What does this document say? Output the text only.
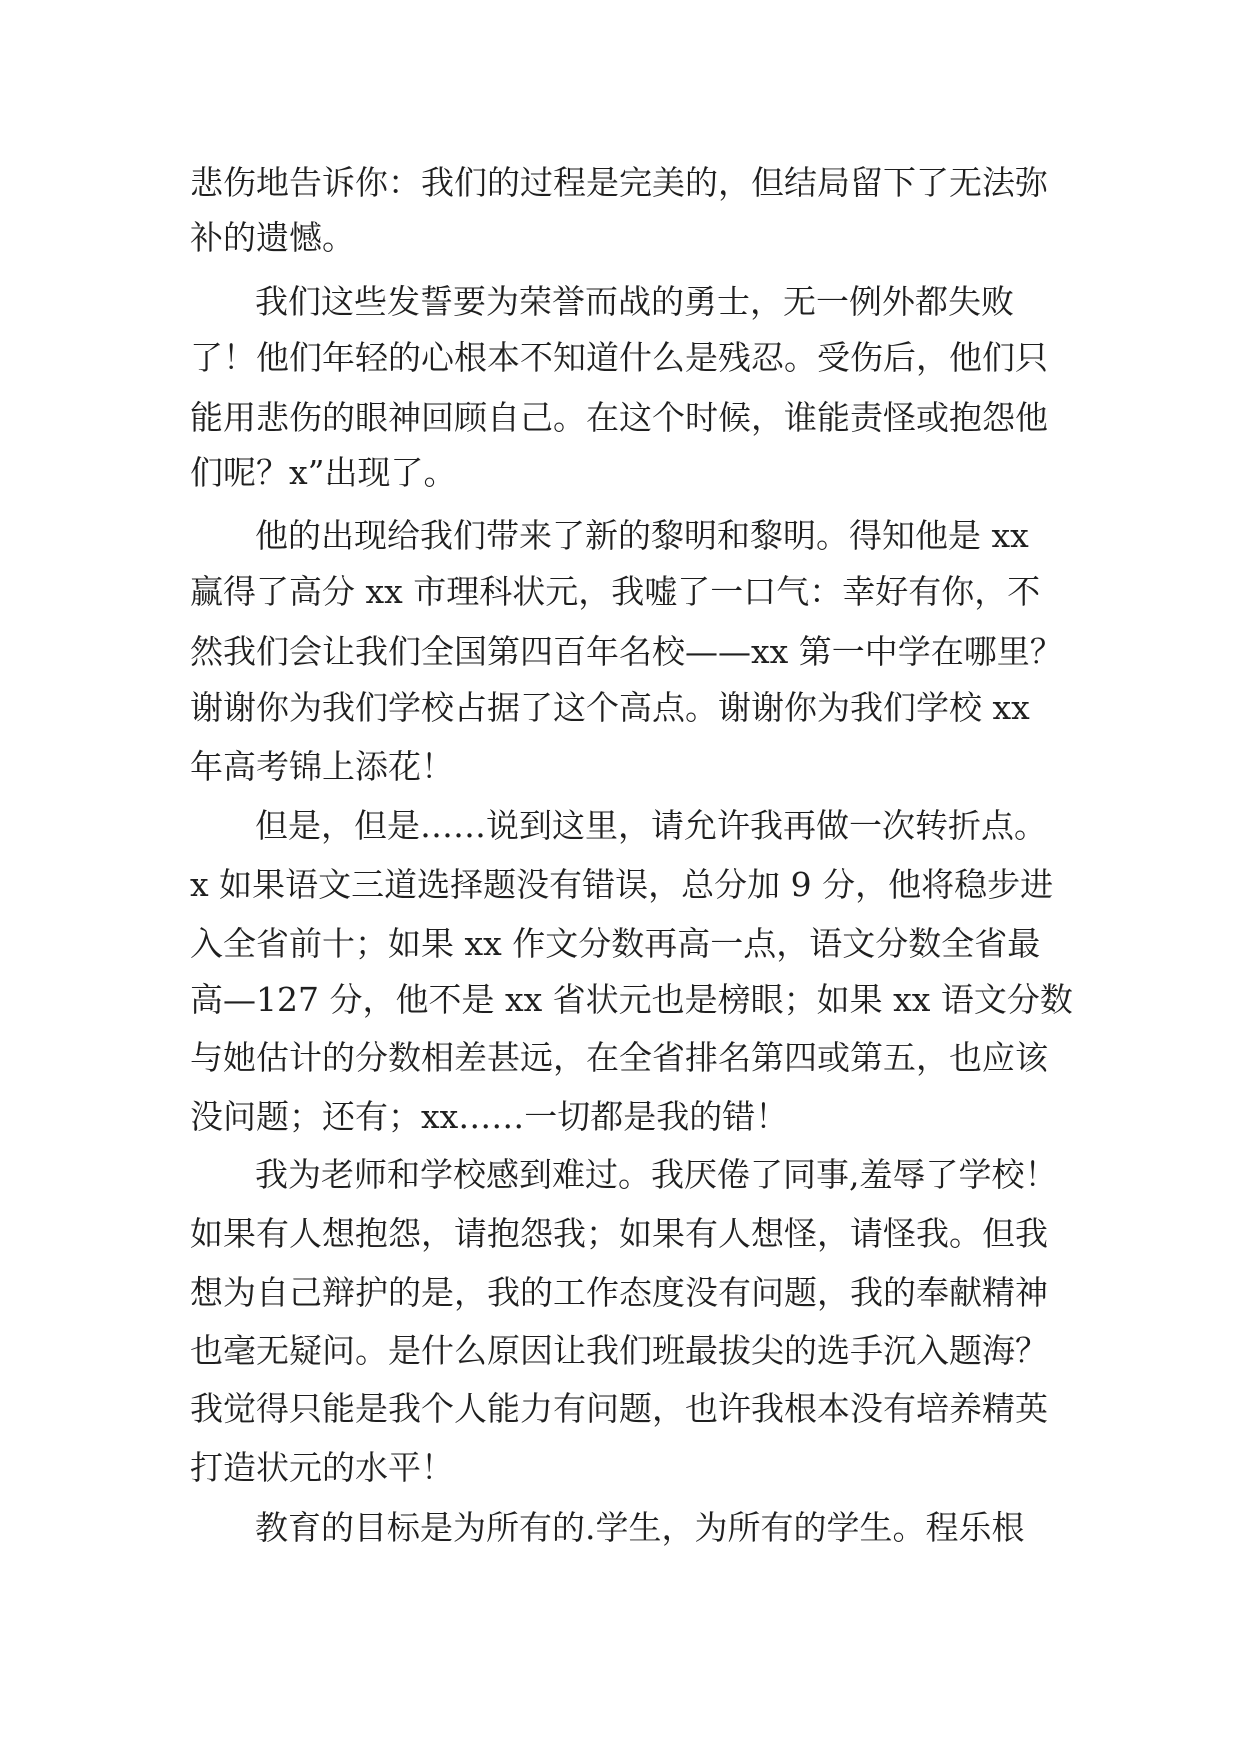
悲伤地告诉你：我们的过程是完美的，但结局留下了无法弥

补的遗憾。

我们这些发誓要为荣誉而战的勇士，无一例外都失败

了！他们年轻的心根本不知道什么是残忍。受伤后，他们只

能用悲伤的眼神回顾自己。在这个时候，谁能责怪或抱怨他

们呢？x”出现了。

他的出现给我们带来了新的黎明和黎明。得知他是 xx

赢得了高分 xx 市理科状元，我嘘了一口气：幸好有你，不

然我们会让我们全国第四百年名校——xx 第一中学在哪里？

谢谢你为我们学校占据了这个高点。谢谢你为我们学校 xx

年高考锦上添花！

但是，但是……说到这里，请允许我再做一次转折点。

x 如果语文三道选择题没有错误，总分加 9 分，他将稳步进

入全省前十；如果 xx 作文分数再高一点，语文分数全省最

高—127 分，他不是 xx 省状元也是榜眼；如果 xx 语文分数

与她估计的分数相差甚远，在全省排名第四或第五，也应该

没问题；还有；xx……一切都是我的错！

我为老师和学校感到难过。我厌倦了同事,羞辱了学校！

如果有人想抱怨，请抱怨我；如果有人想怪，请怪我。但我

想为自己辩护的是，我的工作态度没有问题，我的奉献精神

也毫无疑问。是什么原因让我们班最拔尖的选手沉入题海？

我觉得只能是我个人能力有问题，也许我根本没有培养精英

打造状元的水平！

教育的目标是为所有的.学生，为所有的学生。程乐根
